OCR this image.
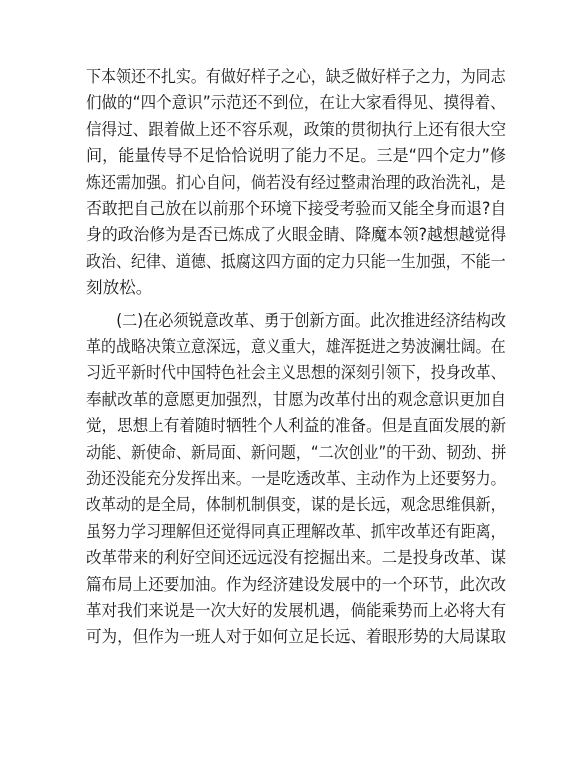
下本领还不扎实。有做好样子之心，缺乏做好样子之力，为同志
们做的“四个意识”示范还不到位，在让大家看得见、摸得着、
信得过、跟着做上还不容乐观，政策的贯彻执行上还有很大空
间，能量传导不足恰恰说明了能力不足。三是“四个定力”修
炼还需加强。扪心自问，倘若没有经过整肃治理的政治洗礼，是
否敢把自己放在以前那个环境下接受考验而又能全身而退?自
身的政治修为是否已炼成了火眼金睛、降魔本领?越想越觉得
政治、纪律、道德、抵腐这四方面的定力只能一生加强，不能一
刻放松。
　　(二)在必须锐意改革、勇于创新方面。此次推进经济结构改
革的战略决策立意深远，意义重大，雄浑挺进之势波澜壮阔。在
习近平新时代中国特色社会主义思想的深刻引领下，投身改革、
奉献改革的意愿更加强烈，甘愿为改革付出的观念意识更加自
觉，思想上有着随时牺牲个人利益的准备。但是直面发展的新
动能、新使命、新局面、新问题，“二次创业”的干劲、韧劲、拼
劲还没能充分发挥出来。一是吃透改革、主动作为上还要努力。
改革动的是全局，体制机制俱变，谋的是长远，观念思维俱新，
虽努力学习理解但还觉得同真正理解改革、抓牢改革还有距离，
改革带来的利好空间还远远没有挖掘出来。二是投身改革、谋
篇布局上还要加油。作为经济建设发展中的一个环节，此次改
革对我们来说是一次大好的发展机遇，倘能乘势而上必将大有
可为，但作为一班人对于如何立足长远、着眼形势的大局谋取
